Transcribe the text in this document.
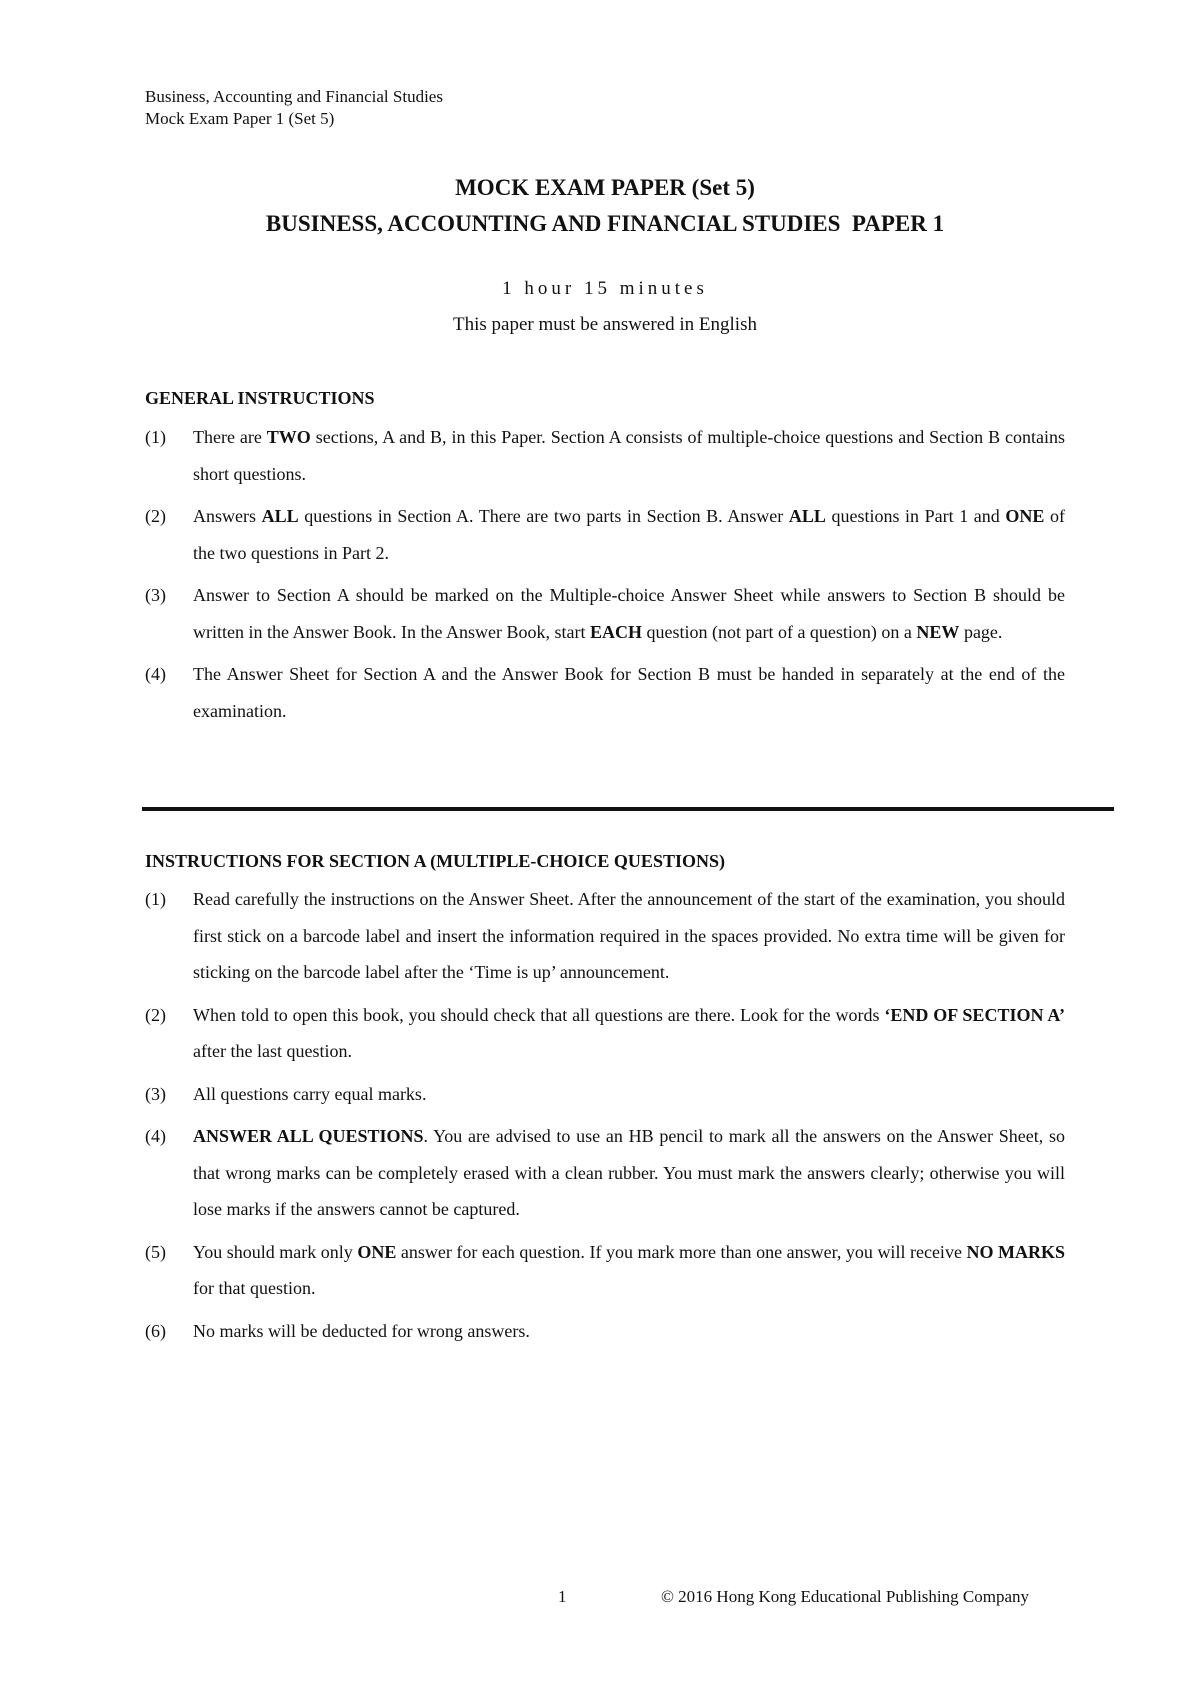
Business, Accounting and Financial Studies
Mock Exam Paper 1 (Set 5)
MOCK EXAM PAPER (Set 5)
BUSINESS, ACCOUNTING AND FINANCIAL STUDIES  PAPER 1
1 hour 15 minutes
This paper must be answered in English
GENERAL INSTRUCTIONS
(1)	There are TWO sections, A and B, in this Paper. Section A consists of multiple-choice questions and Section B contains short questions.
(2)	Answers ALL questions in Section A. There are two parts in Section B. Answer ALL questions in Part 1 and ONE of the two questions in Part 2.
(3)	Answer to Section A should be marked on the Multiple-choice Answer Sheet while answers to Section B should be written in the Answer Book. In the Answer Book, start EACH question (not part of a question) on a NEW page.
(4)	The Answer Sheet for Section A and the Answer Book for Section B must be handed in separately at the end of the examination.
INSTRUCTIONS FOR SECTION A (MULTIPLE-CHOICE QUESTIONS)
(1)	Read carefully the instructions on the Answer Sheet. After the announcement of the start of the examination, you should first stick on a barcode label and insert the information required in the spaces provided. No extra time will be given for sticking on the barcode label after the ‘Time is up’ announcement.
(2)	When told to open this book, you should check that all questions are there. Look for the words ‘END OF SECTION A’ after the last question.
(3)	All questions carry equal marks.
(4)	ANSWER ALL QUESTIONS. You are advised to use an HB pencil to mark all the answers on the Answer Sheet, so that wrong marks can be completely erased with a clean rubber. You must mark the answers clearly; otherwise you will lose marks if the answers cannot be captured.
(5)	You should mark only ONE answer for each question. If you mark more than one answer, you will receive NO MARKS for that question.
(6)	No marks will be deducted for wrong answers.
1	© 2016 Hong Kong Educational Publishing Company
